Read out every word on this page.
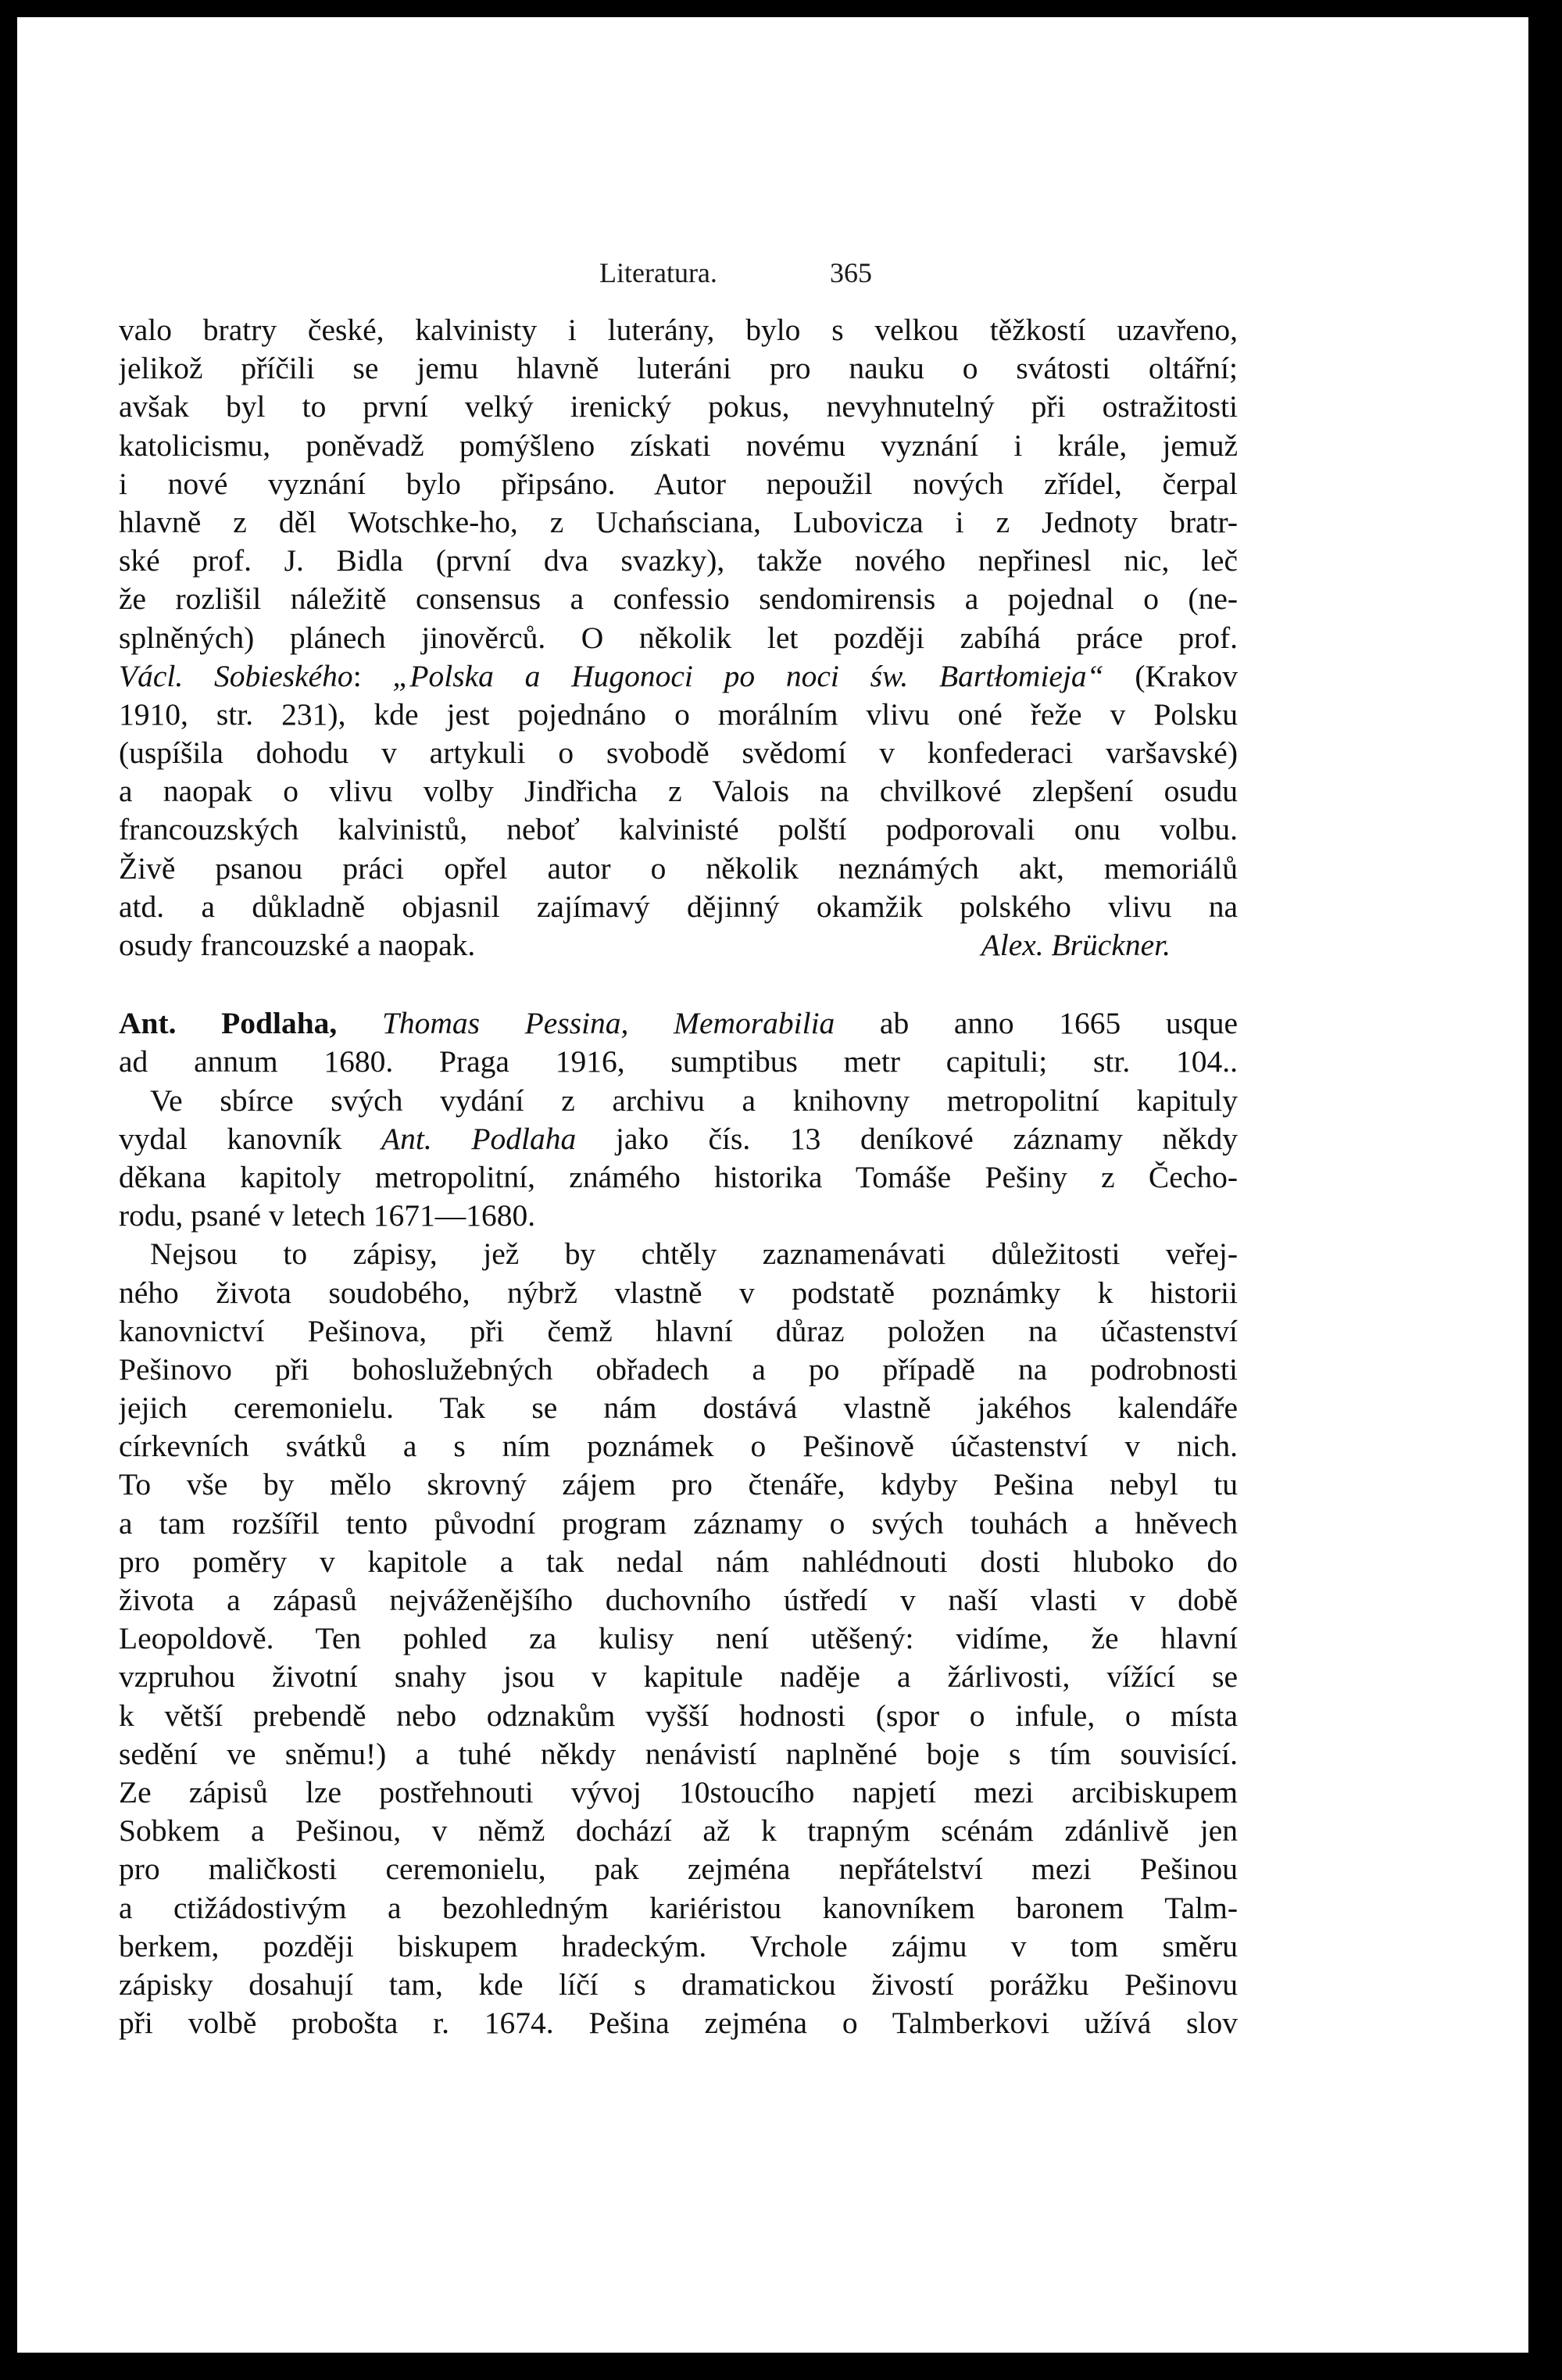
Literatura.	365
valo bratry české, kalvinisty i luterány, bylo s velkou těžkostí uzavřeno,
jelikož příčili se jemu hlavně luteráni pro nauku o svátosti oltářní;
avšak byl to první velký irenický pokus, nevyhnutelný při ostražitosti
katolicismu, poněvadž pomýšleno získati novému vyznání i krále, jemuž
i nové vyznání bylo připsáno. Autor nepoužil nových zřídel, čerpal
hlavně z děl Wotschke-ho, z Uchańsciana, Lubovicza i z Jednoty bratr-
ské prof. J. Bidla (první dva svazky), takže nového nepřinesl nic, leč
že rozlišil náležitě consensus a confessio sendomirensis a pojednal o (ne-
splněných) plánech jinověrců. O několik let později zabíhá práce prof.
Václ. Sobieského: „Polska a Hugonoci po noci św. Bartłomieja“ (Krakov
1910, str. 231), kde jest pojednáno o morálním vlivu oné řeže v Polsku
(uspíšila dohodu v artykuli o svobodě svědomí v konfederaci varšavské)
a naopak o vlivu volby Jindřicha z Valois na chvilkové zlepšení osudu
francouzských kalvinistů, neboť kalvinisté polští podporovali onu volbu.
Živě psanou práci opřel autor o několik neznámých akt, memoriálů
atd. a důkladně objasnil zajímavý dějinný okamžik polského vlivu na
osudy francouzské a naopak.	Alex. Brückner.
Ant. Podlaha, Thomas Pessina, Memorabilia ab anno 1665 usque
ad annum 1680. Praga 1916, sumptibus metr capituli; str. 104..
Ve sbírce svých vydání z archivu a knihovny metropolitní kapituly
vydal kanovník Ant. Podlaha jako čís. 13 deníkové záznamy někdy
děkana kapitoly metropolitní, známého historika Tomáše Pešiny z Čecho-
rodu, psané v letech 1671—1680.
Nejsou to zápisy, jež by chtěly zaznamenávati důležitosti veřej-
ného života soudobého, nýbrž vlastně v podstatě poznámky k historii
kanovnictví Pešinova, při čemž hlavní důraz položen na účastenství
Pešinovo při bohoslužebných obřadech a po případě na podrobnosti
jejich ceremonielu. Tak se nám dostává vlastně jakéhos kalendáře
církevních svátků a s ním poznámek o Pešinově účastenství v nich.
To vše by mělo skrovný zájem pro čtenáře, kdyby Pešina nebyl tu
a tam rozšířil tento původní program záznamy o svých touhách a hněvech
pro poměry v kapitole a tak nedal nám nahlédnouti dosti hluboko do
života a zápasů nejváženějšího duchovního ústředí v naší vlasti v době
Leopoldově. Ten pohled za kulisy není utěšený: vidíme, že hlavní
vzpruhou životní snahy jsou v kapitule naděje a žárlivosti, vížící se
k větší prebendě nebo odznakům vyšší hodnosti (spor o infule, o místa
sedění ve sněmu!) a tuhé někdy nenávistí naplněné boje s tím souvisící.
Ze zápisů lze postřehnouti vývoj 10stoucího napjetí mezi arcibiskupem
Sobkem a Pešinou, v němž dochází až k trapným scénám zdánlivě jen
pro maličkosti ceremonielu, pak zejména nepřátelství mezi Pešinou
a ctižádostivým a bezohledným kariéristou kanovníkem baronem Talm-
berkem, později biskupem hradeckým. Vrchole zájmu v tom směru
zápisky dosahují tam, kde líčí s dramatickou živostí porážku Pešinovu
při volbě probošta r. 1674. Pešina zejména o Talmberkovi užívá slov
